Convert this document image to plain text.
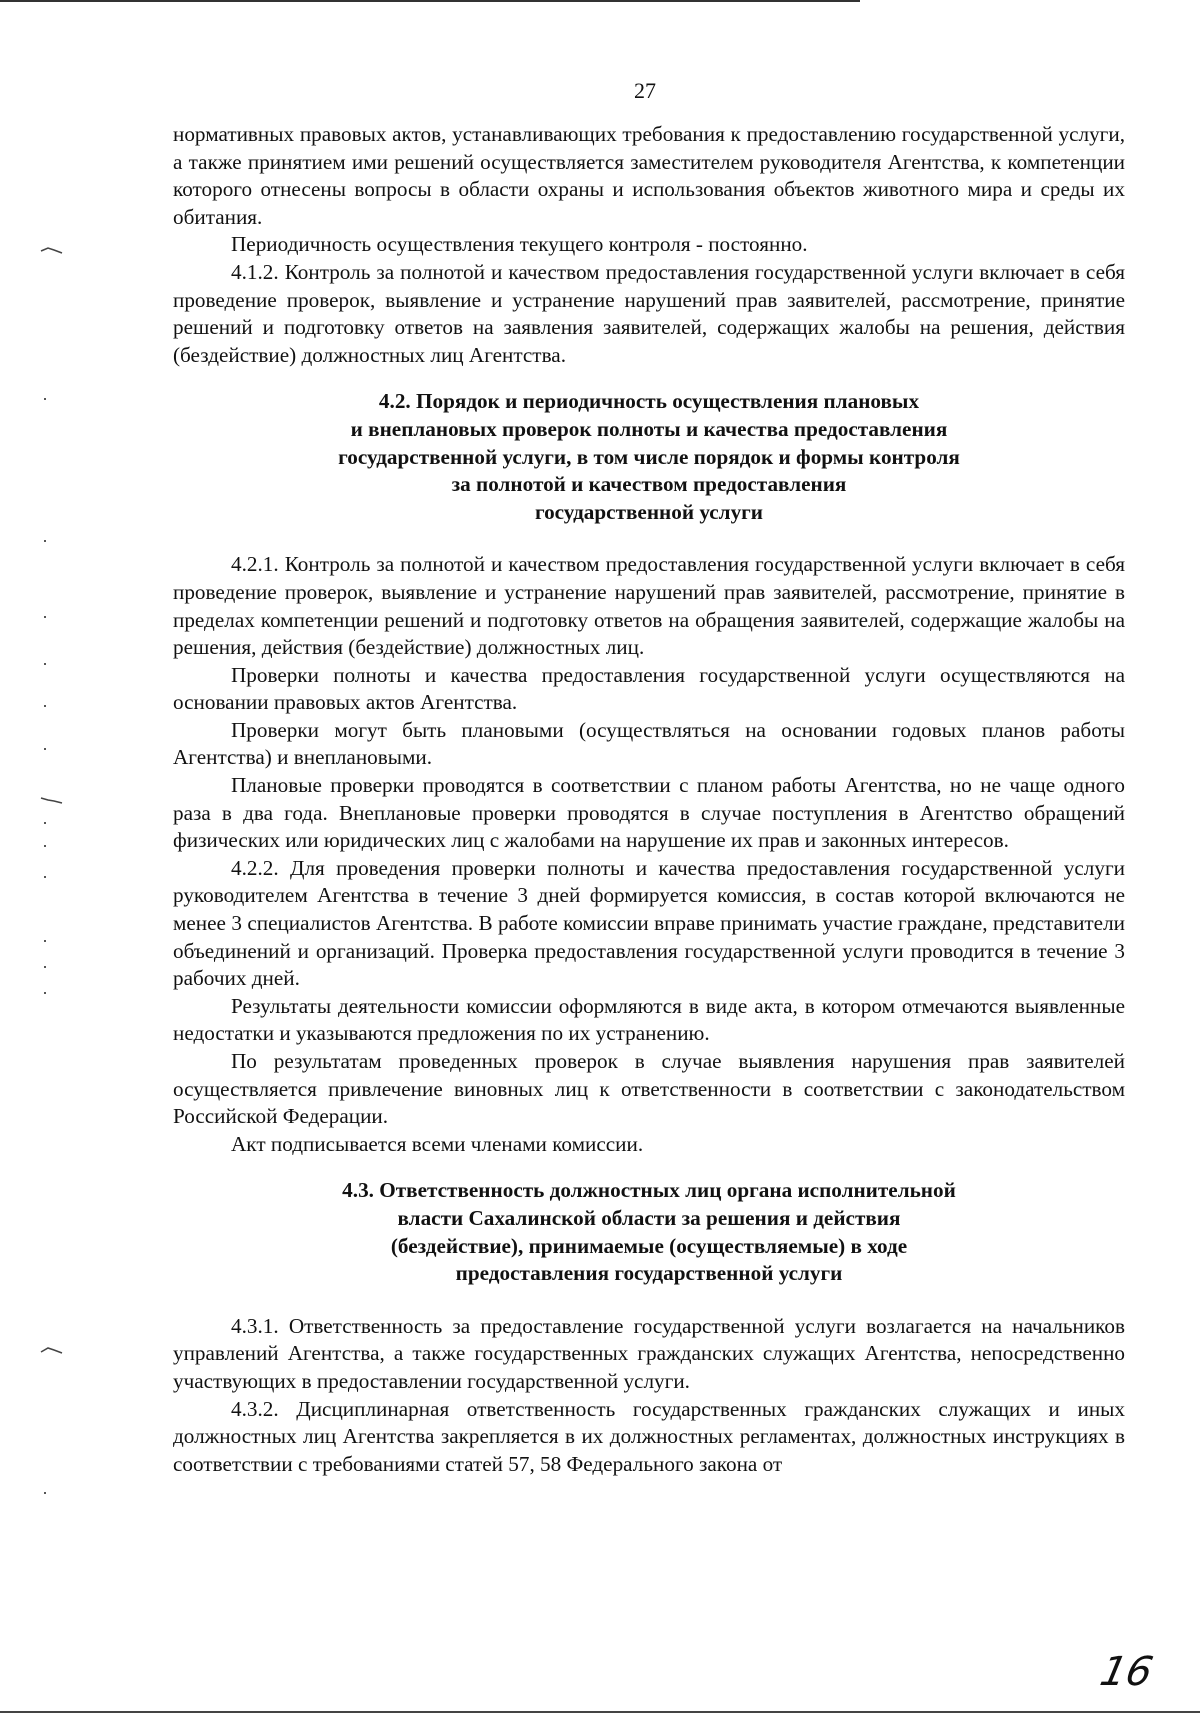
27

нормативных правовых актов, устанавливающих требования к предоставлению государственной услуги, а также принятием ими решений осуществляется заместителем руководителя Агентства, к компетенции которого отнесены вопросы в области охраны и использования объектов животного мира и среды их обитания.

Периодичность осуществления текущего контроля - постоянно.

4.1.2. Контроль за полнотой и качеством предоставления государственной услуги включает в себя проведение проверок, выявление и устранение нарушений прав заявителей, рассмотрение, принятие решений и подготовку ответов на заявления заявителей, содержащих жалобы на решения, действия (бездействие) должностных лиц Агентства.

4.2. Порядок и периодичность осуществления плановых
и внеплановых проверок полноты и качества предоставления
государственной услуги, в том числе порядок и формы контроля
за полнотой и качеством предоставления
государственной услуги

4.2.1. Контроль за полнотой и качеством предоставления государственной услуги включает в себя проведение проверок, выявление и устранение нарушений прав заявителей, рассмотрение, принятие в пределах компетенции решений и подготовку ответов на обращения заявителей, содержащие жалобы на решения, действия (бездействие) должностных лиц.

Проверки полноты и качества предоставления государственной услуги осуществляются на основании правовых актов Агентства.

Проверки могут быть плановыми (осуществляться на основании годовых планов работы Агентства) и внеплановыми.

Плановые проверки проводятся в соответствии с планом работы Агентства, но не чаще одного раза в два года. Внеплановые проверки проводятся в случае поступления в Агентство обращений физических или юридических лиц с жалобами на нарушение их прав и законных интересов.

4.2.2. Для проведения проверки полноты и качества предоставления государственной услуги руководителем Агентства в течение 3 дней формируется комиссия, в состав которой включаются не менее 3 специалистов Агентства. В работе комиссии вправе принимать участие граждане, представители объединений и организаций. Проверка предоставления государственной услуги проводится в течение 3 рабочих дней.

Результаты деятельности комиссии оформляются в виде акта, в котором отмечаются выявленные недостатки и указываются предложения по их устранению.

По результатам проведенных проверок в случае выявления нарушения прав заявителей осуществляется привлечение виновных лиц к ответственности в соответствии с законодательством Российской Федерации.

Акт подписывается всеми членами комиссии.

4.3. Ответственность должностных лиц органа исполнительной
власти Сахалинской области за решения и действия
(бездействие), принимаемые (осуществляемые) в ходе
предоставления государственной услуги

4.3.1. Ответственность за предоставление государственной услуги возлагается на начальников управлений Агентства, а также государственных гражданских служащих Агентства, непосредственно участвующих в предоставлении государственной услуги.

4.3.2. Дисциплинарная ответственность государственных гражданских служащих и иных должностных лиц Агентства закрепляется в их должностных регламентах, должностных инструкциях в соответствии с требованиями статей 57, 58 Федерального закона от

16
